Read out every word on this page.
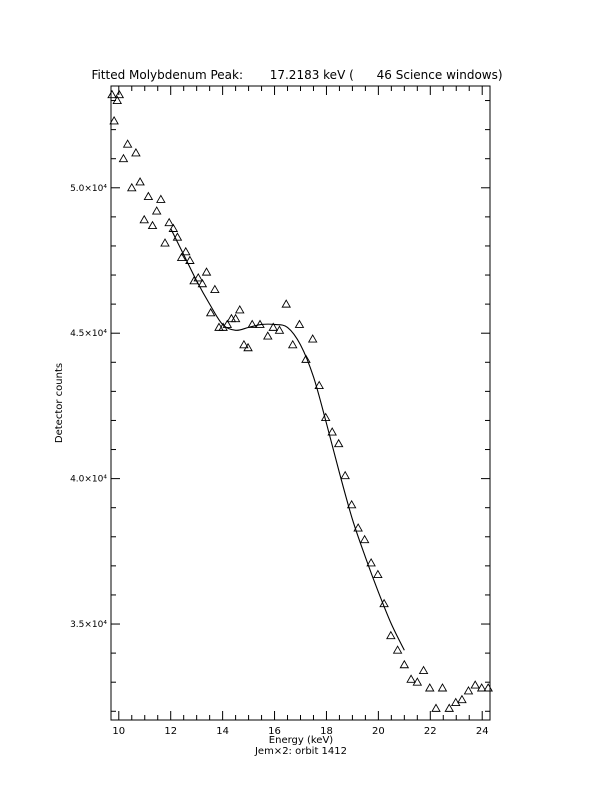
Fitted Molybdenum Peak:       17.2183 keV (      46 Science windows)
10	12	14	16	18	20	22	24
3.5×10⁴
4.0×10⁴
4.5×10⁴
5.0×10⁴
Energy (keV)
Jem×2: orbit 1412
Detector counts
